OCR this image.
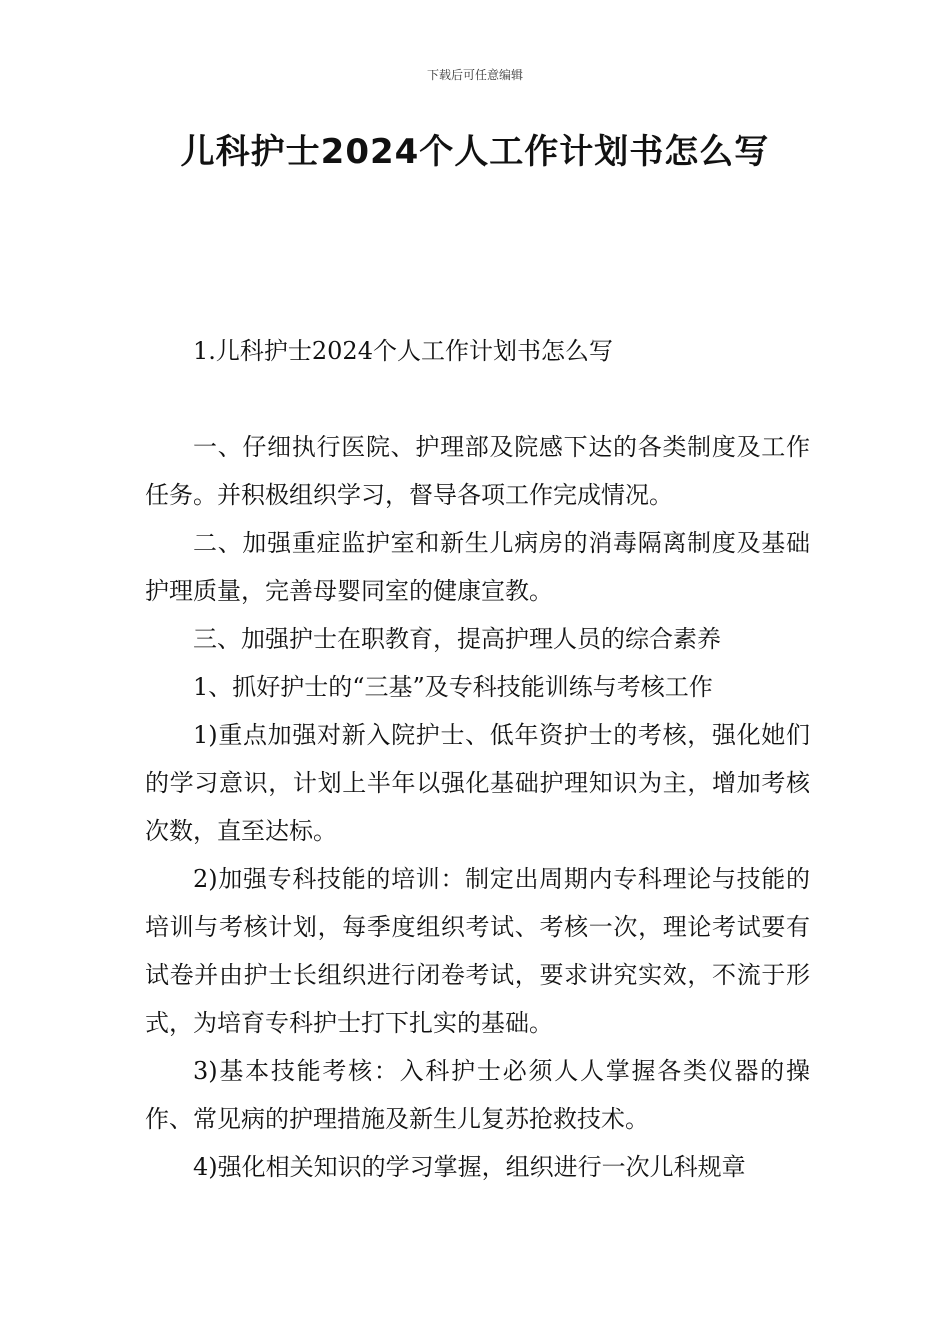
下载后可任意编辑
儿科护士2024个人工作计划书怎么写

1.儿科护士2024个人工作计划书怎么写

一、仔细执行医院、护理部及院感下达的各类制度及工作任务。并积极组织学习，督导各项工作完成情况。

二、加强重症监护室和新生儿病房的消毒隔离制度及基础护理质量，完善母婴同室的健康宣教。

三、加强护士在职教育，提高护理人员的综合素养

1、抓好护士的“三基”及专科技能训练与考核工作

1)重点加强对新入院护士、低年资护士的考核，强化她们的学习意识，计划上半年以强化基础护理知识为主，增加考核次数，直至达标。

2)加强专科技能的培训：制定出周期内专科理论与技能的培训与考核计划，每季度组织考试、考核一次，理论考试要有试卷并由护士长组织进行闭卷考试，要求讲究实效，不流于形式，为培育专科护士打下扎实的基础。

3)基本技能考核：入科护士必须人人掌握各类仪器的操作、常见病的护理措施及新生儿复苏抢救技术。

4)强化相关知识的学习掌握，组织进行一次儿科规章
